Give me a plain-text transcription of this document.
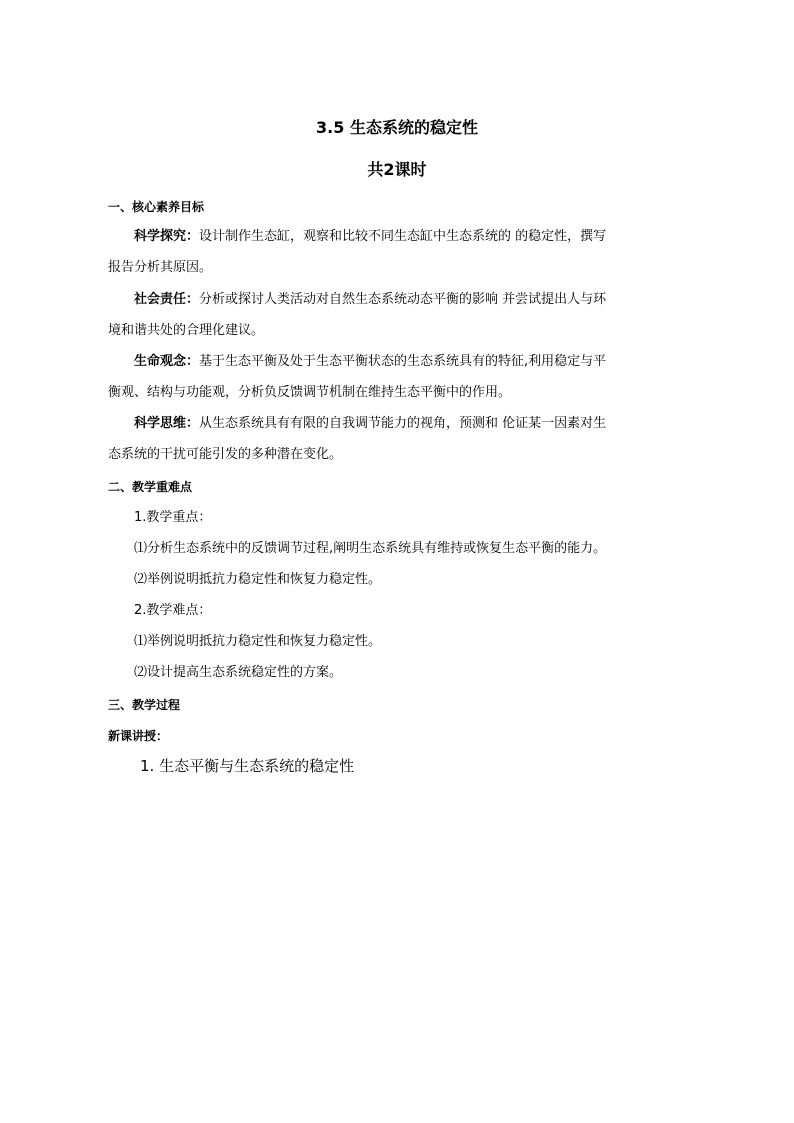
3.5 生态系统的稳定性
共2课时
一、核心素养目标
科学探究：设计制作生态缸，观察和比较不同生态缸中生态系统的 的稳定性，撰写
报告分析其原因。
社会责任：分析或探讨人类活动对自然生态系统动态平衡的影响 并尝试提出人与环
境和谐共处的合理化建议。
生命观念：基于生态平衡及处于生态平衡状态的生态系统具有的特征,利用稳定与平
衡观、结构与功能观，分析负反馈调节机制在维持生态平衡中的作用。
科学思维：从生态系统具有有限的自我调节能力的视角，预测和 伦证某一因素对生
态系统的干扰可能引发的多种潜在变化。
二、教学重难点
1.教学重点：
⑴分析生态系统中的反馈调节过程,阐明生态系统具有维持或恢复生态平衡的能力。
⑵举例说明抵抗力稳定性和恢复力稳定性。
2.教学难点：
⑴举例说明抵抗力稳定性和恢复力稳定性。
⑵设计提高生态系统稳定性的方案。
三、教学过程
新课讲授：
1. 生态平衡与生态系统的稳定性
